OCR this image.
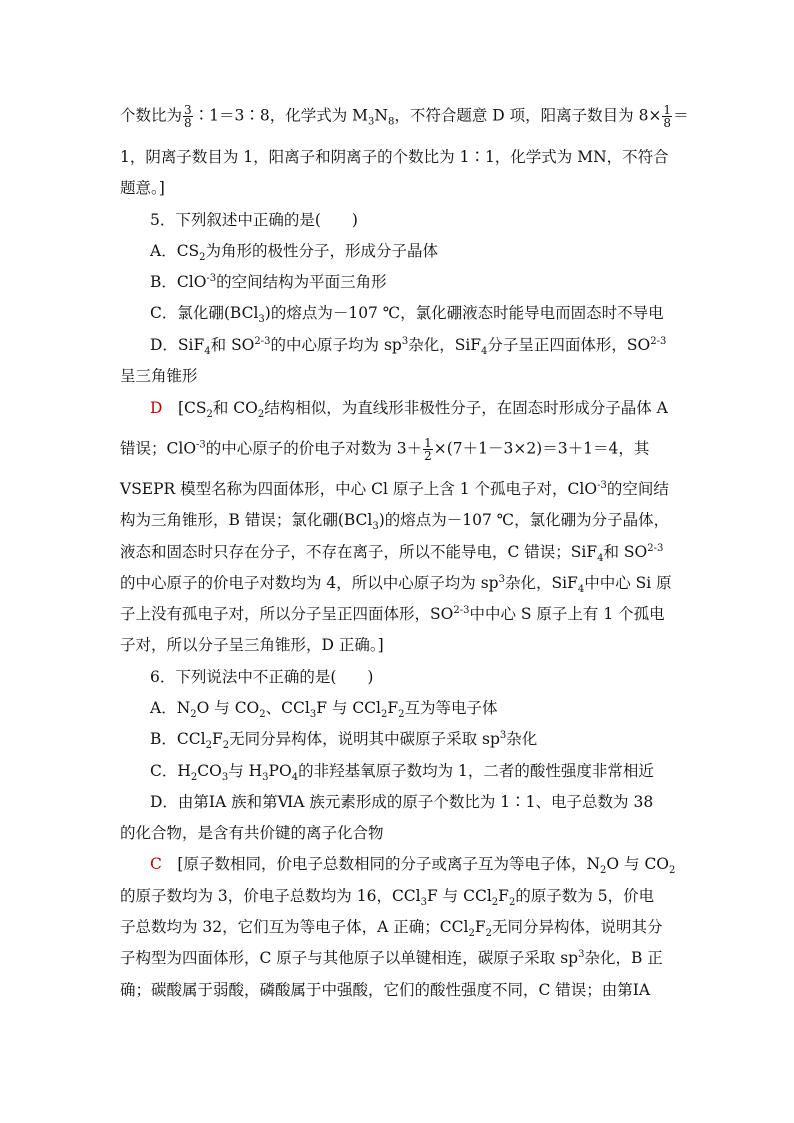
个数比为 $\frac{3}{8}$ ∶1＝3∶8，化学式为 $M_3N_8$，不符合题意 D 项，阳离子数目为 $8\times \frac{1}{8}$ ＝
1，阴离子数目为 1，阳离子和阴离子的个数比为 1∶1，化学式为 MN，不符合
题意。]
5．下列叙述中正确的是(　　)
A．$CS_2$为角形的极性分子，形成分子晶体
B．ClO$^{-3}$的空间结构为平面三角形
C．氯化硼(BCl$_3$)的熔点为－107 ℃，氯化硼液态时能导电而固态时不导电
D．SiF$_4$和 SO$^{2-3}$的中心原子均为 $sp^3$杂化，SiF$_4$分子呈正四面体形，SO$^{2-3}$
呈三角锥形
D　 [$CS_2$和 $CO_2$结构相似，为直线形非极性分子，在固态时形成分子晶体 A
错误；ClO$^{-3}$的中心原子的价电子对数为 $3+ \frac{1}{2} \times(7+1-3\times 2)=3+1=4$，其
VSEPR 模型名称为四面体形，中心 Cl 原子上含 1 个孤电子对，ClO$^{-3}$的空间结
构为三角锥形，B 错误；氯化硼(BCl$_3$)的熔点为－107 ℃，氯化硼为分子晶体，
液态和固态时只存在分子，不存在离子，所以不能导电，C 错误；SiF$_4$和 SO$^{2-3}$
的中心原子的价电子对数均为 4，所以中心原子均为 $sp^3$杂化，SiF$_4$中中心 Si 原
子上没有孤电子对，所以分子呈正四面体形，SO$^{2-3}$中中心 S 原子上有 1 个孤电
子对，所以分子呈三角锥形，D 正确。]
6．下列说法中不正确的是(　　)
A．$N_2O$ 与 $CO_2$、CCl$_3$F 与 $CCl_2F_2$互为等电子体
B．$CCl_2F_2$无同分异构体，说明其中碳原子采取 $sp^3$杂化
C．$H_2CO_3$与 $H_3PO_4$的非羟基氧原子数均为 1，二者的酸性强度非常相近
D．由第ⅠA 族和第ⅥA 族元素形成的原子个数比为 1∶1、电子总数为 38
的化合物，是含有共价键的离子化合物
C　 [原子数相同，价电子总数相同的分子或离子互为等电子体，$N_2O$ 与 $CO_2$
的原子数均为 3，价电子总数均为 16，CCl$_3$F 与 $CCl_2F_2$的原子数为 5，价电
子总数均为 32，它们互为等电子体，A 正确；$CCl_2F_2$无同分异构体，说明其分
子构型为四面体形，C 原子与其他原子以单键相连，碳原子采取 $sp^3$杂化，B 正
确；碳酸属于弱酸，磷酸属于中强酸，它们的酸性强度不同，C 错误；由第ⅠA
